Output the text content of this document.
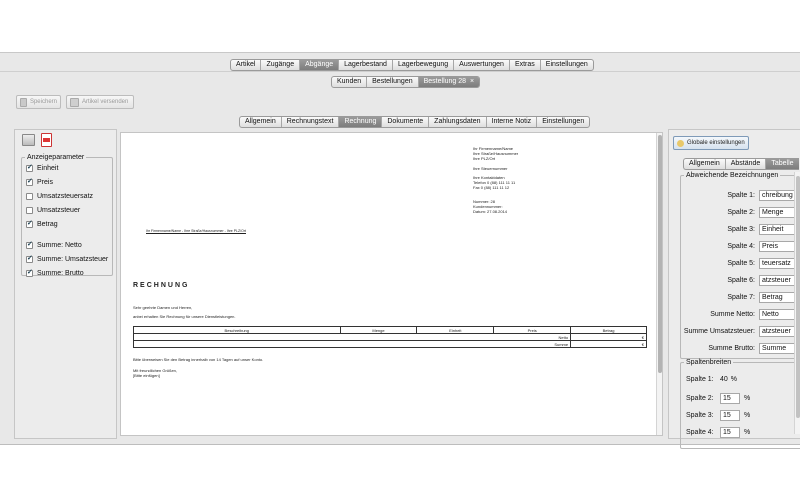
Artikel	Zugänge	Abgänge	Lagerbestand	Lagerbewegung	Auswertungen	Extras	Einstellungen
Kunden	Bestellungen	Bestellung 28 ×
Speichern	Artikel versenden
Allgemein	Rechnungstext	Rechnung	Dokumente	Zahlungsdaten	Interne Notiz	Einstellungen
Anzeigeparameter
✓
Einheit
✓
Preis
Umsatzsteuersatz
Umsatzsteuer
✓
Betrag
✓
Summe: Netto
✓
Summe: Umsatzsteuer
✓
Summe: Brutto
Ihr Firmenname/Name
Ihre Straße/Hausnummer
Ihre PLZ/Ort
Ihre Steuernummer
Ihre Kontaktdaten
Telefon 0 (88) 111 11 11
Fax 0 (88) 111 11 12
Nummer: 28
Kundennummer:
Datum: 27.08.2014
Ihr Firmenname/Name - Ihre Straße/Hausnummer - Ihre PLZ/Ort
RECHNUNG
Sehr geehrte Damen und Herren,
anbei erhalten Sie Rechnung für unsere Dienstleistungen.
Beschreibung	Menge	Einheit	Preis	Betrag
Netto				€
Summe				€
Bitte überweisen Sie den Betrag innerhalb von 14 Tagen auf unser Konto.
Mit freundlichen Grüßen,
[Bitte einfügen]
Globale einstellungen
Allgemein	Abstände	Tabelle
Abweichende Bezeichnungen
Spalte 1:	chreibung
Spalte 2:	Menge
Spalte 3:	Einheit
Spalte 4:	Preis
Spalte 5:	teuersatz
Spalte 6:	atzsteuer
Spalte 7:	Betrag
Summe Netto:	Netto
Summe Umsatzsteuer:	atzsteuer
Summe Brutto:	Summe
Spaltenbreiten
Spalte 1: 40 %
Spalte 2:	15	%
Spalte 3:	15	%
Spalte 4:	15	%
